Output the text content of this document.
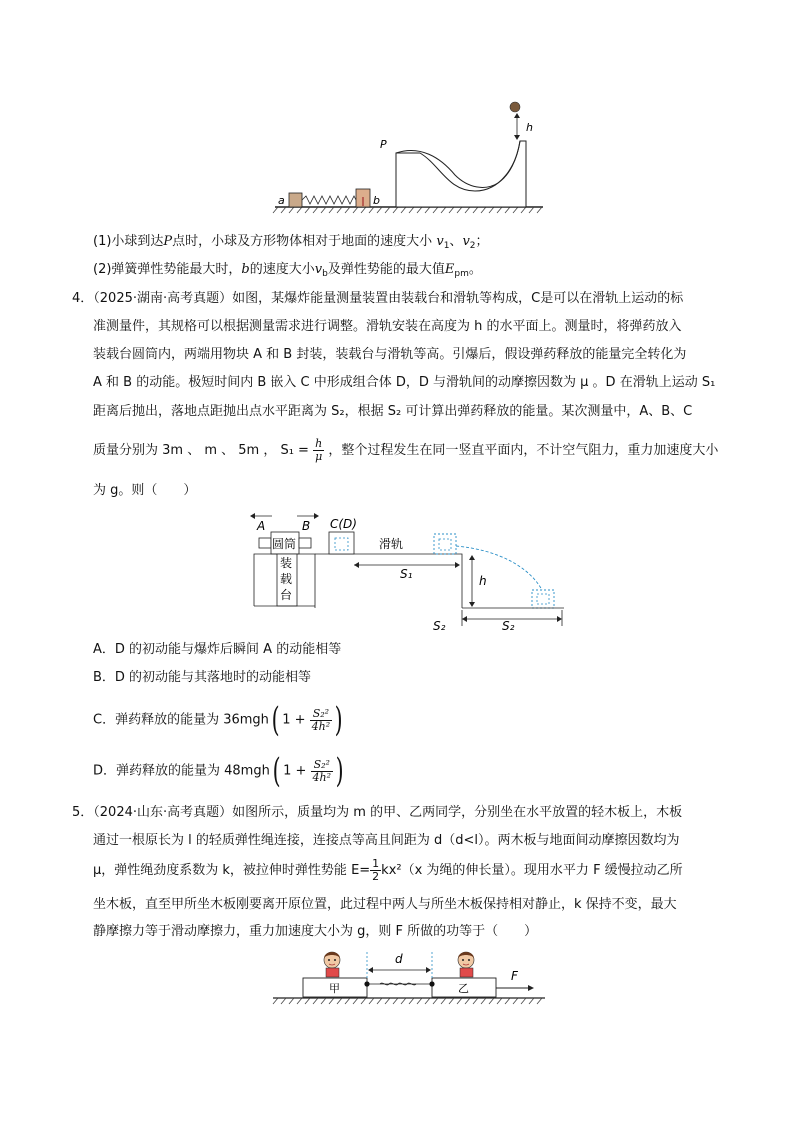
h
P
a	b
(1)小球到达P点时，小球及方形物体相对于地面的速度大小 $v_1$、$v_2$；
(2)弹簧弹性势能最大时，b的速度大小$v_b$及弹性势能的最大值$E_{pm}$。
4．（2025·湖南·高考真题）如图，某爆炸能量测量装置由装载台和滑轨等构成，C是可以在滑轨上运动的标
准测量件，其规格可以根据测量需求进行调整。滑轨安装在高度为 h 的水平面上。测量时，将弹药放入
装载台圆筒内，两端用物块 A 和 B 封装，装载台与滑轨等高。引爆后，假设弹药释放的能量完全转化为
A 和 B 的动能。极短时间内 B 嵌入 C 中形成组合体 D，D 与滑轨间的动摩擦因数为 μ 。D 在滑轨上运动 S₁
距离后抛出，落地点距抛出点水平距离为 S₂，根据 S₂ 可计算出弹药释放的能量。某次测量中，A、B、C
质量分别为 3m 、 m 、 5m ， $S_1 = \frac{h}{\mu}$ ，整个过程发生在同一竖直平面内，不计空气阻力，重力加速度大小
为 g。则（　　）
A	B C(D)
圆筒
装
载
台
滑轨
S₁	h
S₂
S₂
A．D 的初动能与爆炸后瞬间 A 的动能相等
B．D 的初动能与其落地时的动能相等
C．弹药释放的能量为 36mgh( $1 + \frac{\text{S₂²}}{\text{4h²}}$ )
D．弹药释放的能量为 48mgh( $1 + \frac{\text{S₂²}}{\text{4h²}}$ )
5．（2024·山东·高考真题）如图所示，质量均为 m 的甲、乙两同学，分别坐在水平放置的轻木板上，木板
通过一根原长为 l 的轻质弹性绳连接，连接点等高且间距为 d（d<l）。两木板与地面间动摩擦因数均为
μ，弹性绳劲度系数为 k，被拉伸时弹性势能 $E= \frac{1}{2} kx^2(x$ 为绳的伸长量）。现用水平力 F 缓慢拉动乙所
坐木板，直至甲所坐木板刚要离开原位置，此过程中两人与所坐木板保持相对静止，k 保持不变，最大
静摩擦力等于滑动摩擦力，重力加速度大小为 g，则 F 所做的功等于（　　）
甲	乙
d
F
